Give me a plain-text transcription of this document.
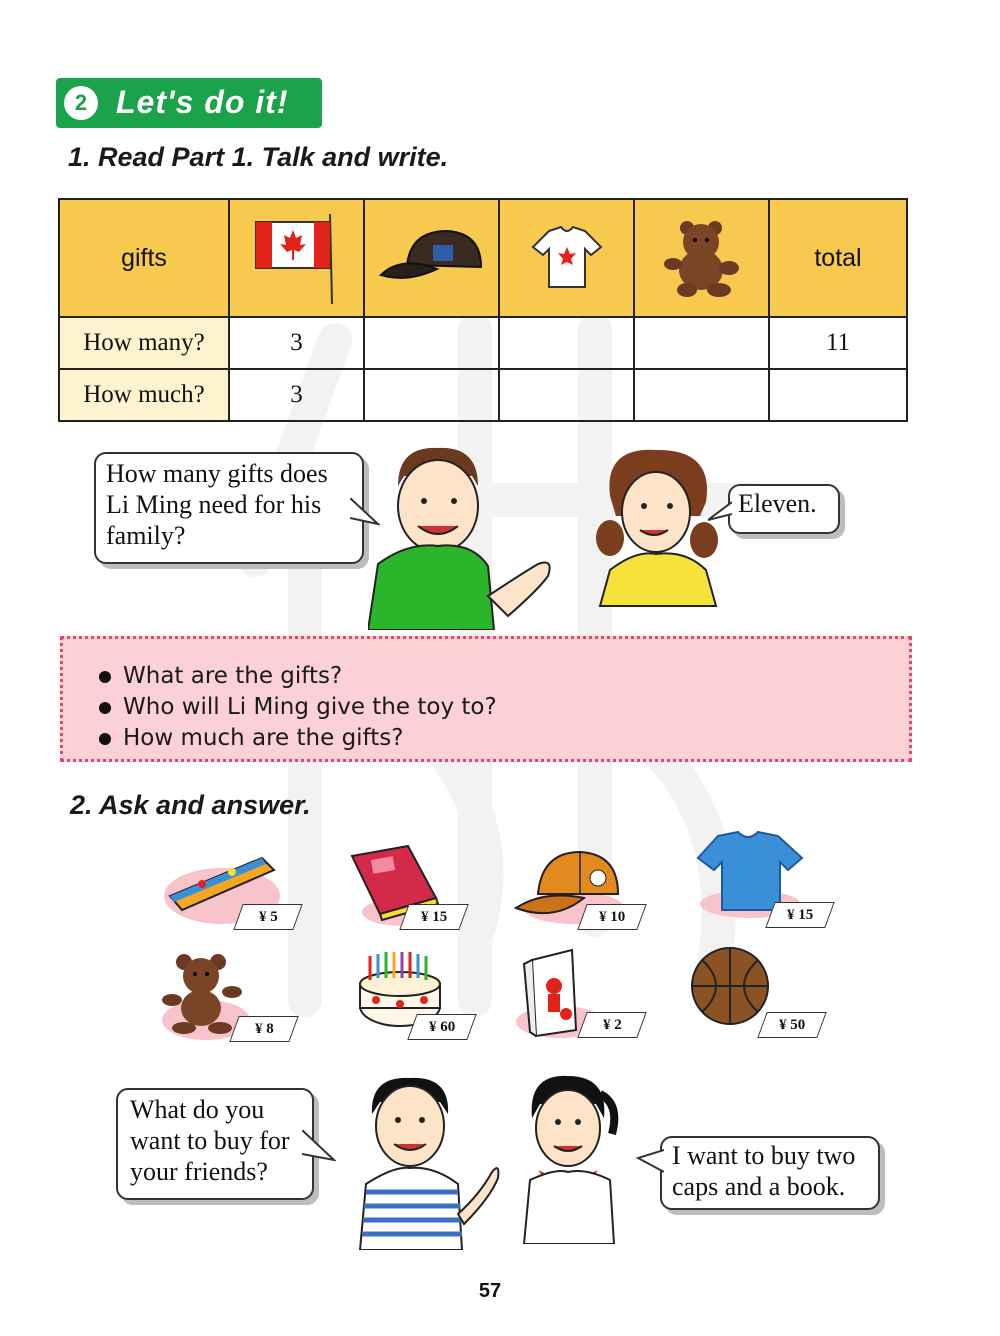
2 Let's do it!
1. Read Part 1. Talk and write.
gifts					total
How many?	3				11
How much?	3				
How many gifts does
Li Ming need for his
family?
Eleven.
What are the gifts?
Who will Li Ming give the toy to?
How much are the gifts?
2. Ask and answer.
¥ 5	¥ 15	¥ 10	¥ 15
¥ 8	¥ 60	¥ 2	¥ 50
What do you
want to buy for
your friends?
I want to buy two
caps and a book.
57
